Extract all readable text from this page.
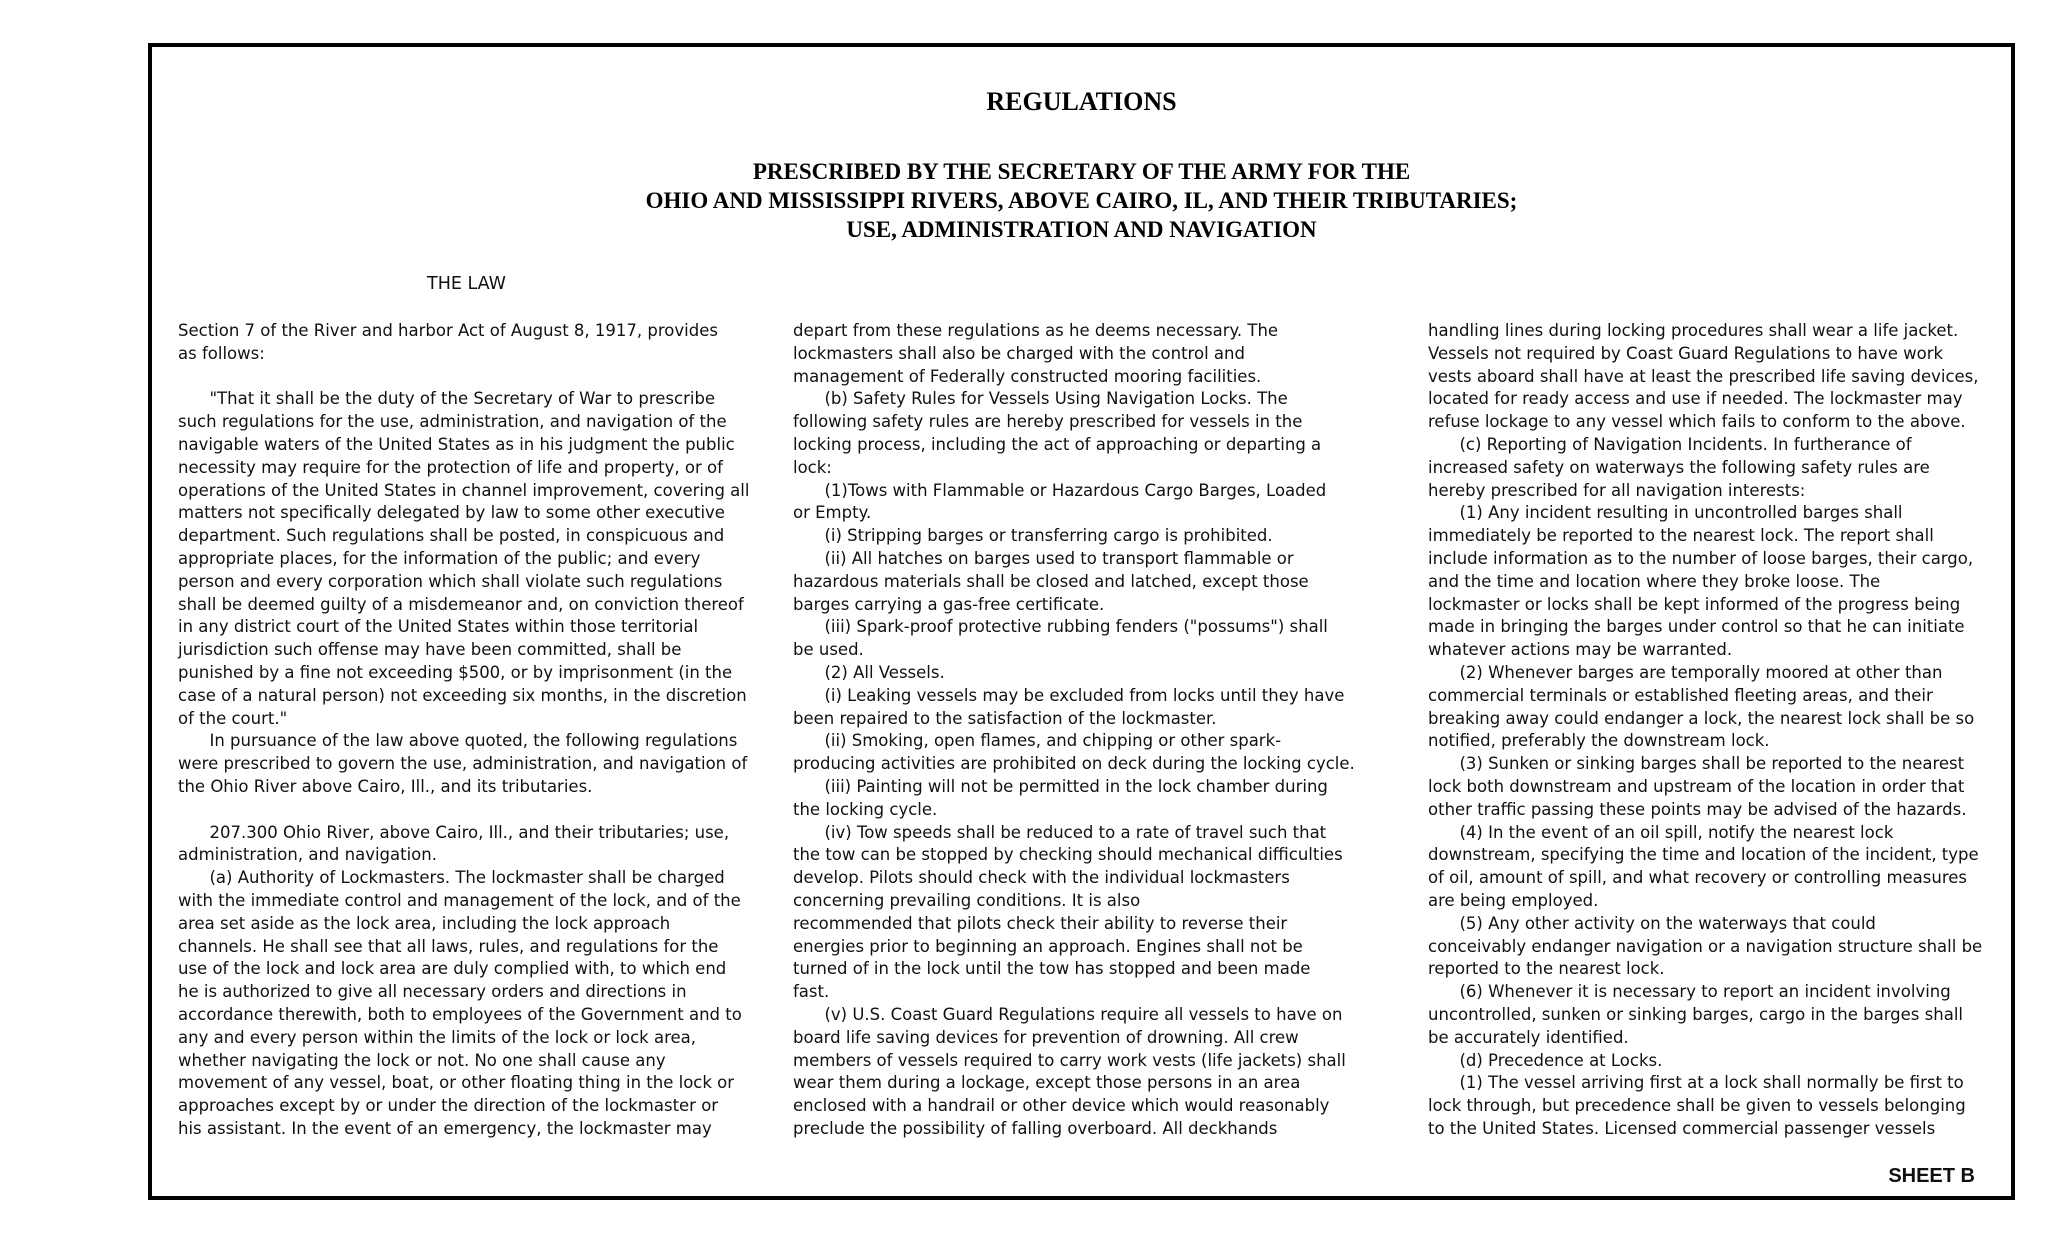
REGULATIONS
PRESCRIBED BY THE SECRETARY OF THE ARMY FOR THE
OHIO AND MISSISSIPPI RIVERS, ABOVE CAIRO, IL, AND THEIR TRIBUTARIES;
USE, ADMINISTRATION AND NAVIGATION
THE LAW
Section 7 of the River and harbor Act of August 8, 1917, provides
as follows:
"That it shall be the duty of the Secretary of War to prescribe
such regulations for the use, administration, and navigation of the
navigable waters of the United States as in his judgment the public
necessity may require for the protection of life and property, or of
operations of the United States in channel improvement, covering all
matters not specifically delegated by law to some other executive
department. Such regulations shall be posted, in conspicuous and
appropriate places, for the information of the public; and every
person and every corporation which shall violate such regulations
shall be deemed guilty of a misdemeanor and, on conviction thereof
in any district court of the United States within those territorial
jurisdiction such offense may have been committed, shall be
punished by a fine not exceeding $500, or by imprisonment (in the
case of a natural person) not exceeding six months, in the discretion
of the court."
In pursuance of the law above quoted, the following regulations
were prescribed to govern the use, administration, and navigation of
the Ohio River above Cairo, Ill., and its tributaries.
207.300 Ohio River, above Cairo, Ill., and their tributaries; use,
administration, and navigation.
(a) Authority of Lockmasters. The lockmaster shall be charged
with the immediate control and management of the lock, and of the
area set aside as the lock area, including the lock approach
channels. He shall see that all laws, rules, and regulations for the
use of the lock and lock area are duly complied with, to which end
he is authorized to give all necessary orders and directions in
accordance therewith, both to employees of the Government and to
any and every person within the limits of the lock or lock area,
whether navigating the lock or not. No one shall cause any
movement of any vessel, boat, or other floating thing in the lock or
approaches except by or under the direction of the lockmaster or
his assistant. In the event of an emergency, the lockmaster may
depart from these regulations as he deems necessary. The
lockmasters shall also be charged with the control and
management of Federally constructed mooring facilities.
(b) Safety Rules for Vessels Using Navigation Locks. The
following safety rules are hereby prescribed for vessels in the
locking process, including the act of approaching or departing a
lock:
(1)Tows with Flammable or Hazardous Cargo Barges, Loaded
or Empty.
(i) Stripping barges or transferring cargo is prohibited.
(ii) All hatches on barges used to transport flammable or
hazardous materials shall be closed and latched, except those
barges carrying a gas-free certificate.
(iii) Spark-proof protective rubbing fenders ("possums") shall
be used.
(2) All Vessels.
(i) Leaking vessels may be excluded from locks until they have
been repaired to the satisfaction of the lockmaster.
(ii) Smoking, open flames, and chipping or other spark-
producing activities are prohibited on deck during the locking cycle.
(iii) Painting will not be permitted in the lock chamber during
the locking cycle.
(iv) Tow speeds shall be reduced to a rate of travel such that
the tow can be stopped by checking should mechanical difficulties
develop. Pilots should check with the individual lockmasters
concerning prevailing conditions. It is also
recommended that pilots check their ability to reverse their
energies prior to beginning an approach. Engines shall not be
turned of in the lock until the tow has stopped and been made
fast.
(v) U.S. Coast Guard Regulations require all vessels to have on
board life saving devices for prevention of drowning. All crew
members of vessels required to carry work vests (life jackets) shall
wear them during a lockage, except those persons in an area
enclosed with a handrail or other device which would reasonably
preclude the possibility of falling overboard. All deckhands
handling lines during locking procedures shall wear a life jacket.
Vessels not required by Coast Guard Regulations to have work
vests aboard shall have at least the prescribed life saving devices,
located for ready access and use if needed. The lockmaster may
refuse lockage to any vessel which fails to conform to the above.
(c) Reporting of Navigation Incidents. In furtherance of
increased safety on waterways the following safety rules are
hereby prescribed for all navigation interests:
(1) Any incident resulting in uncontrolled barges shall
immediately be reported to the nearest lock. The report shall
include information as to the number of loose barges, their cargo,
and the time and location where they broke loose. The
lockmaster or locks shall be kept informed of the progress being
made in bringing the barges under control so that he can initiate
whatever actions may be warranted.
(2) Whenever barges are temporally moored at other than
commercial terminals or established fleeting areas, and their
breaking away could endanger a lock, the nearest lock shall be so
notified, preferably the downstream lock.
(3) Sunken or sinking barges shall be reported to the nearest
lock both downstream and upstream of the location in order that
other traffic passing these points may be advised of the hazards.
(4) In the event of an oil spill, notify the nearest lock
downstream, specifying the time and location of the incident, type
of oil, amount of spill, and what recovery or controlling measures
are being employed.
(5) Any other activity on the waterways that could
conceivably endanger navigation or a navigation structure shall be
reported to the nearest lock.
(6) Whenever it is necessary to report an incident involving
uncontrolled, sunken or sinking barges, cargo in the barges shall
be accurately identified.
(d) Precedence at Locks.
(1) The vessel arriving first at a lock shall normally be first to
lock through, but precedence shall be given to vessels belonging
to the United States. Licensed commercial passenger vessels
SHEET B
